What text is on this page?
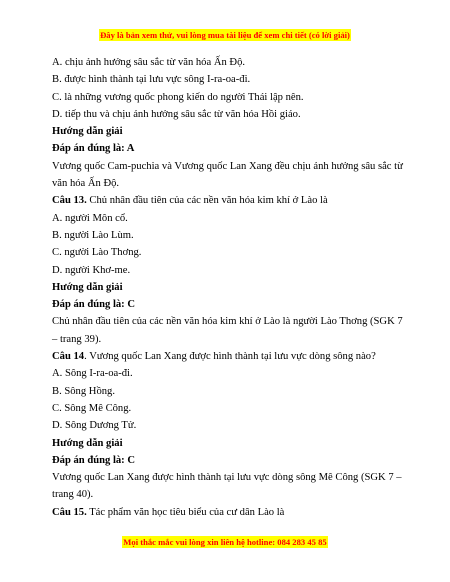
Đây là bản xem thử, vui lòng mua tài liệu để xem chi tiết (có lời giải)

A. chịu ảnh hưởng sâu sắc từ văn hóa Ấn Độ.

B. được hình thành tại lưu vực sông I-ra-oa-đi.

C. là những vương quốc phong kiến do người Thái lập nên.

D. tiếp thu và chịu ảnh hưởng sâu sắc từ văn hóa Hồi giáo.

Hướng dẫn giải

Đáp án đúng là: A

Vương quốc Cam-puchia và Vương quốc Lan Xang đều chịu ảnh hưởng sâu sắc từ văn hóa Ấn Độ.

Câu 13. Chủ nhân đầu tiên của các nền văn hóa kim khí ở Lào là

A. người Môn cổ.

B. người Lào Lùm.

C. người Lào Thơng.

D. người Khơ-me.

Hướng dẫn giải

Đáp án đúng là: C

Chủ nhân đầu tiên của các nền văn hóa kim khí ở Lào là người Lào Thơng (SGK 7 – trang 39).

Câu 14. Vương quốc Lan Xang được hình thành tại lưu vực dòng sông nào?

A. Sông I-ra-oa-đi.

B. Sông Hồng.

C. Sông Mê Công.

D. Sông Dương Tử.

Hướng dẫn giải

Đáp án đúng là: C

Vương quốc Lan Xang được hình thành tại lưu vực dòng sông Mê Công (SGK 7 – trang 40).

Câu 15. Tác phẩm văn học tiêu biểu của cư dân Lào là

Mọi thắc mắc vui lòng xin liên hệ hotline: 084 283 45 85
